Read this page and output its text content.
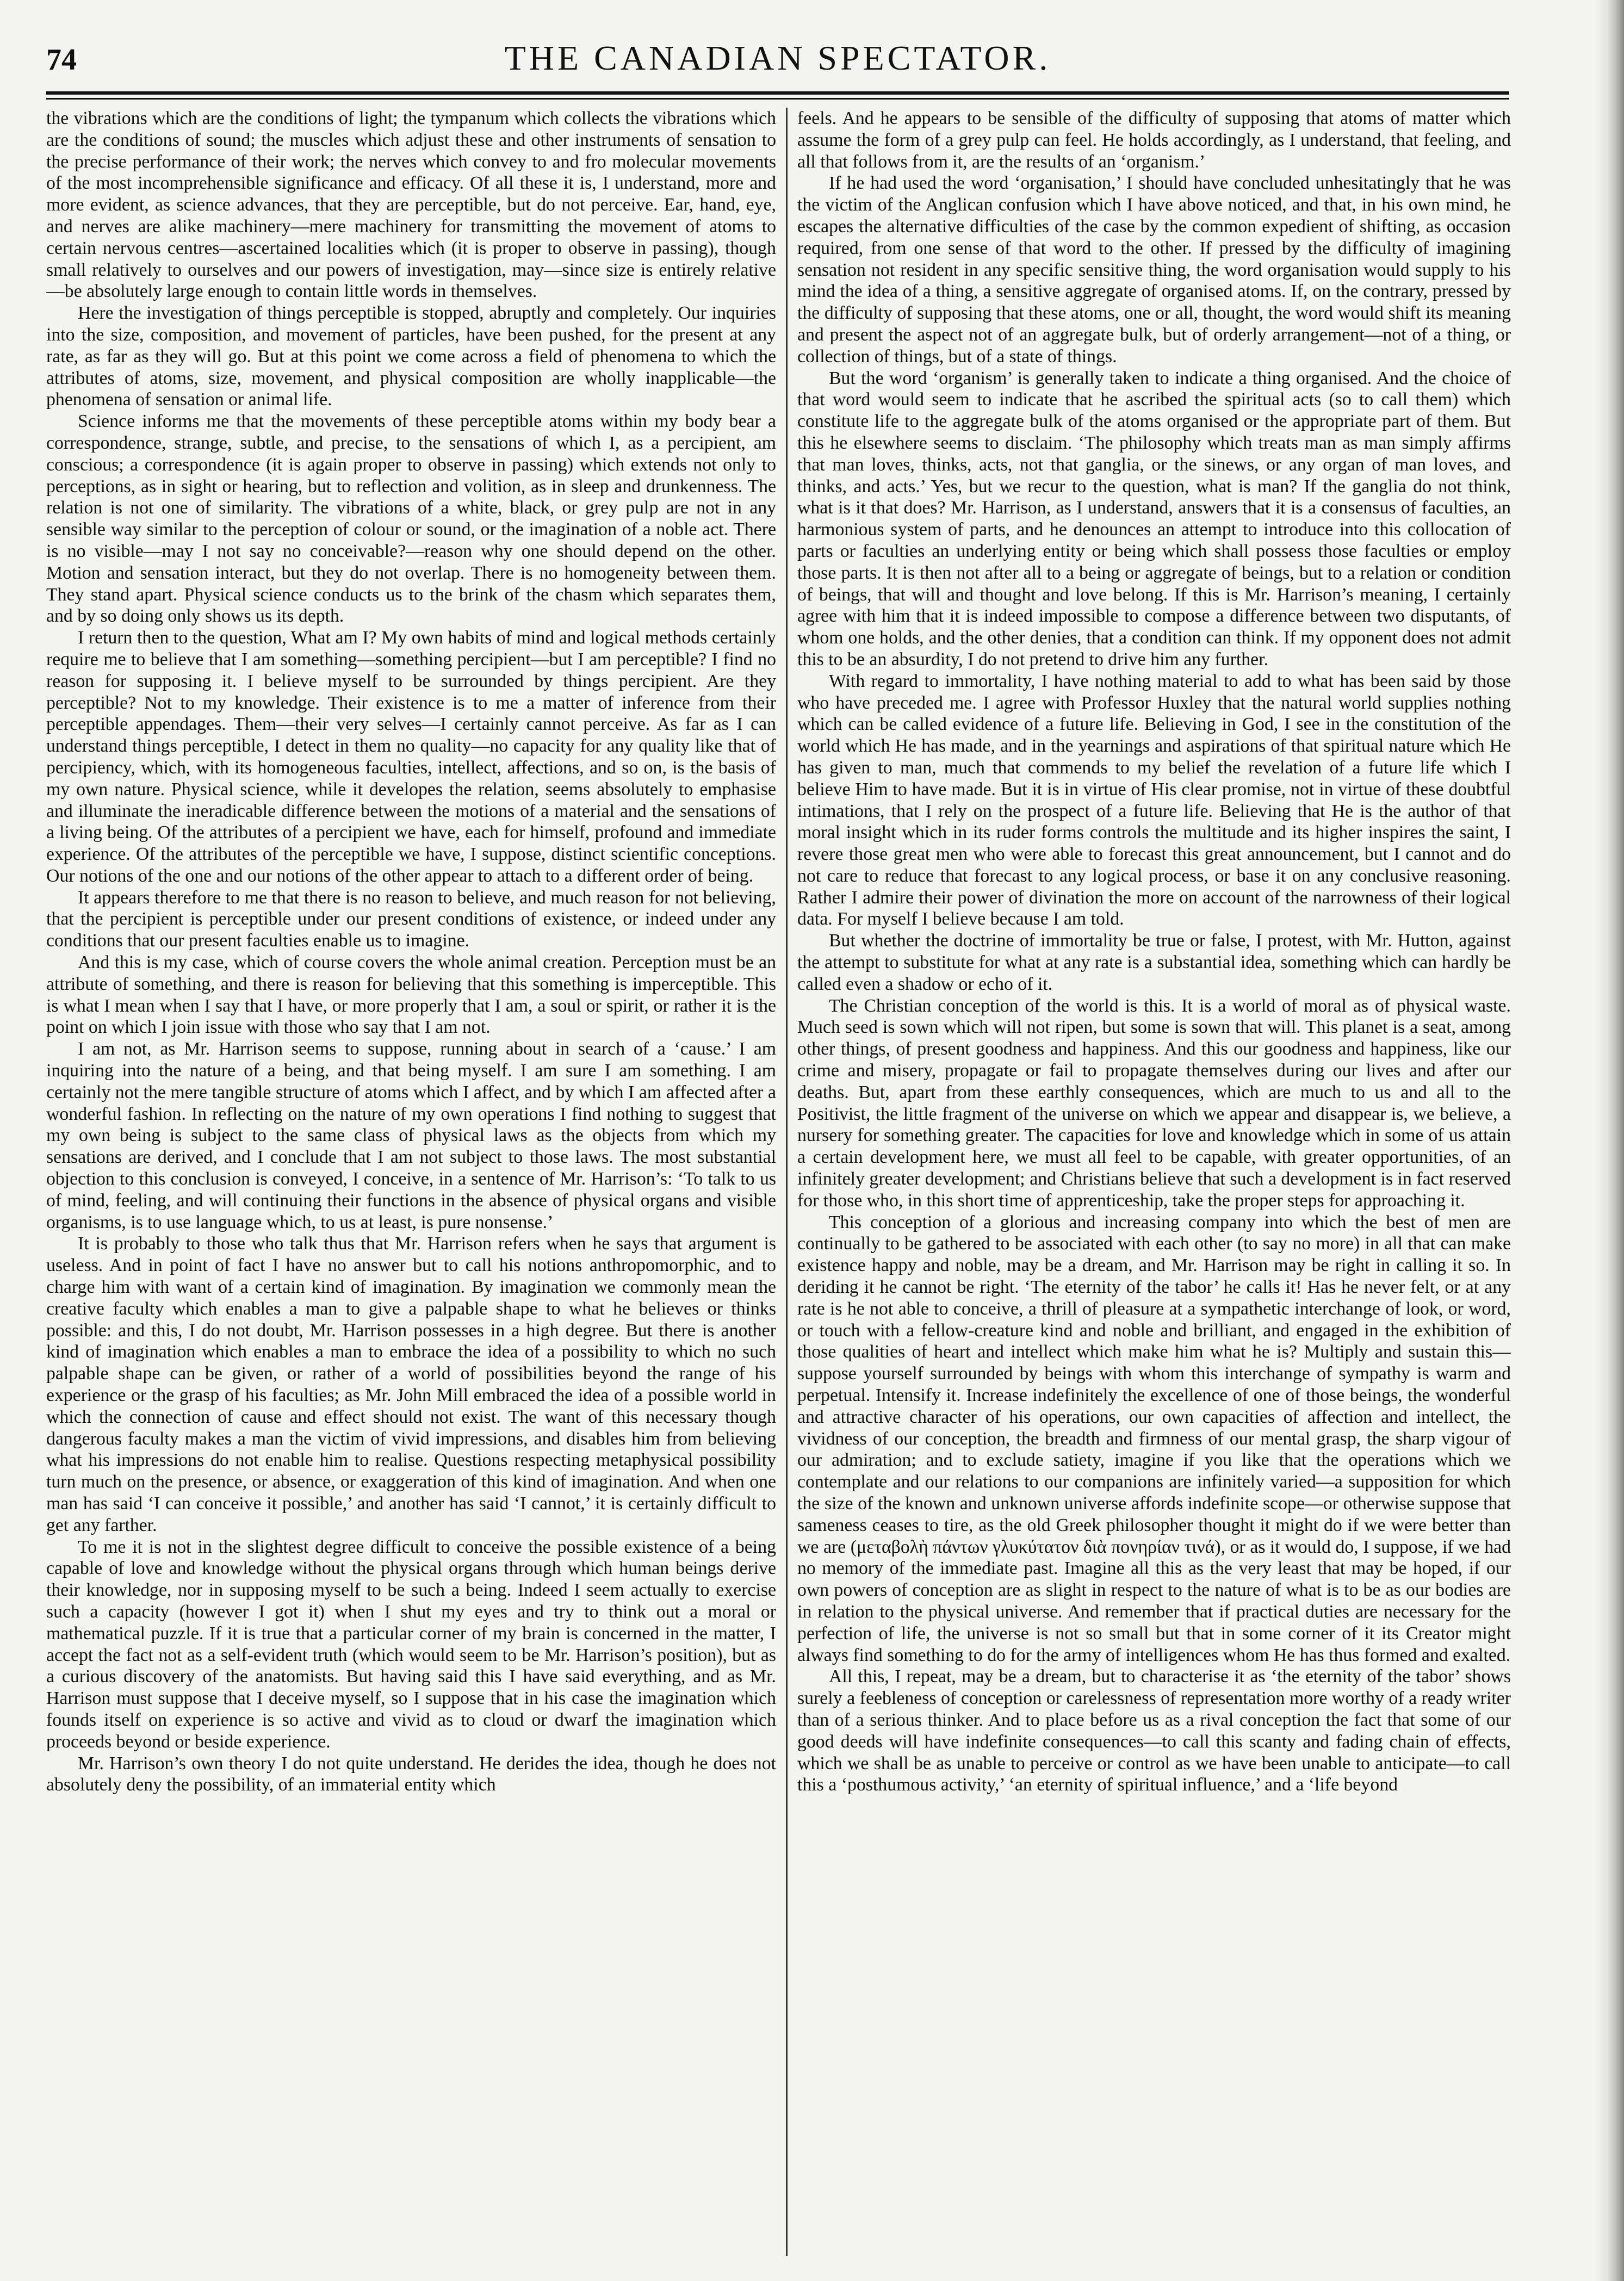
74	THE CANADIAN SPECTATOR.

the vibrations which are the conditions of light; the tympanum which collects the vibrations which are the conditions of sound; the muscles which adjust these and other instruments of sensation to the precise performance of their work; the nerves which convey to and fro molecular movements of the most incomprehensible significance and efficacy. Of all these it is, I understand, more and more evident, as science advances, that they are perceptible, but do not perceive. Ear, hand, eye, and nerves are alike machinery—mere machinery for transmitting the movement of atoms to certain nervous centres—ascertained localities which (it is proper to observe in passing), though small relatively to ourselves and our powers of investigation, may—since size is entirely relative—be absolutely large enough to contain little words in themselves.

Here the investigation of things perceptible is stopped, abruptly and completely. Our inquiries into the size, composition, and movement of particles, have been pushed, for the present at any rate, as far as they will go. But at this point we come across a field of phenomena to which the attributes of atoms, size, movement, and physical composition are wholly inapplicable—the phenomena of sensation or animal life.

Science informs me that the movements of these perceptible atoms within my body bear a correspondence, strange, subtle, and precise, to the sensations of which I, as a percipient, am conscious; a correspondence (it is again proper to observe in passing) which extends not only to perceptions, as in sight or hearing, but to reflection and volition, as in sleep and drunkenness. The relation is not one of similarity. The vibrations of a white, black, or grey pulp are not in any sensible way similar to the perception of colour or sound, or the imagination of a noble act. There is no visible—may I not say no conceivable?—reason why one should depend on the other. Motion and sensation interact, but they do not overlap. There is no homogeneity between them. They stand apart. Physical science conducts us to the brink of the chasm which separates them, and by so doing only shows us its depth.

I return then to the question, What am I? My own habits of mind and logical methods certainly require me to believe that I am something—something percipient—but I am perceptible? I find no reason for supposing it. I believe myself to be surrounded by things percipient. Are they perceptible? Not to my knowledge. Their existence is to me a matter of inference from their perceptible appendages. Them—their very selves—I certainly cannot perceive. As far as I can understand things perceptible, I detect in them no quality—no capacity for any quality like that of percipiency, which, with its homogeneous faculties, intellect, affections, and so on, is the basis of my own nature. Physical science, while it developes the relation, seems absolutely to emphasise and illuminate the ineradicable difference between the motions of a material and the sensations of a living being. Of the attributes of a percipient we have, each for himself, profound and immediate experience. Of the attributes of the perceptible we have, I suppose, distinct scientific conceptions. Our notions of the one and our notions of the other appear to attach to a different order of being.

It appears therefore to me that there is no reason to believe, and much reason for not believing, that the percipient is perceptible under our present conditions of existence, or indeed under any conditions that our present faculties enable us to imagine.

And this is my case, which of course covers the whole animal creation. Perception must be an attribute of something, and there is reason for believing that this something is imperceptible. This is what I mean when I say that I have, or more properly that I am, a soul or spirit, or rather it is the point on which I join issue with those who say that I am not.

I am not, as Mr. Harrison seems to suppose, running about in search of a ‘cause.’ I am inquiring into the nature of a being, and that being myself. I am sure I am something. I am certainly not the mere tangible structure of atoms which I affect, and by which I am affected after a wonderful fashion. In reflecting on the nature of my own operations I find nothing to suggest that my own being is subject to the same class of physical laws as the objects from which my sensations are derived, and I conclude that I am not subject to those laws. The most substantial objection to this conclusion is conveyed, I conceive, in a sentence of Mr. Harrison’s: ‘To talk to us of mind, feeling, and will continuing their functions in the absence of physical organs and visible organisms, is to use language which, to us at least, is pure nonsense.’

It is probably to those who talk thus that Mr. Harrison refers when he says that argument is useless. And in point of fact I have no answer but to call his notions anthropomorphic, and to charge him with want of a certain kind of imagination. By imagination we commonly mean the creative faculty which enables a man to give a palpable shape to what he believes or thinks possible: and this, I do not doubt, Mr. Harrison possesses in a high degree. But there is another kind of imagination which enables a man to embrace the idea of a possibility to which no such palpable shape can be given, or rather of a world of possibilities beyond the range of his experience or the grasp of his faculties; as Mr. John Mill embraced the idea of a possible world in which the connection of cause and effect should not exist. The want of this necessary though dangerous faculty makes a man the victim of vivid impressions, and disables him from believing what his impressions do not enable him to realise. Questions respecting metaphysical possibility turn much on the presence, or absence, or exaggeration of this kind of imagination. And when one man has said ‘I can conceive it possible,’ and another has said ‘I cannot,’ it is certainly difficult to get any farther.

To me it is not in the slightest degree difficult to conceive the possible existence of a being capable of love and knowledge without the physical organs through which human beings derive their knowledge, nor in supposing myself to be such a being. Indeed I seem actually to exercise such a capacity (however I got it) when I shut my eyes and try to think out a moral or mathematical puzzle. If it is true that a particular corner of my brain is concerned in the matter, I accept the fact not as a self-evident truth (which would seem to be Mr. Harrison’s position), but as a curious discovery of the anatomists. But having said this I have said everything, and as Mr. Harrison must suppose that I deceive myself, so I suppose that in his case the imagination which founds itself on experience is so active and vivid as to cloud or dwarf the imagination which proceeds beyond or beside experience.

Mr. Harrison’s own theory I do not quite understand. He derides the idea, though he does not absolutely deny the possibility, of an immaterial entity which

feels. And he appears to be sensible of the difficulty of supposing that atoms of matter which assume the form of a grey pulp can feel. He holds accordingly, as I understand, that feeling, and all that follows from it, are the results of an ‘organism.’

If he had used the word ‘organisation,’ I should have concluded unhesitatingly that he was the victim of the Anglican confusion which I have above noticed, and that, in his own mind, he escapes the alternative difficulties of the case by the common expedient of shifting, as occasion required, from one sense of that word to the other. If pressed by the difficulty of imagining sensation not resident in any specific sensitive thing, the word organisation would supply to his mind the idea of a thing, a sensitive aggregate of organised atoms. If, on the contrary, pressed by the difficulty of supposing that these atoms, one or all, thought, the word would shift its meaning and present the aspect not of an aggregate bulk, but of orderly arrangement—not of a thing, or collection of things, but of a state of things.

But the word ‘organism’ is generally taken to indicate a thing organised. And the choice of that word would seem to indicate that he ascribed the spiritual acts (so to call them) which constitute life to the aggregate bulk of the atoms organised or the appropriate part of them. But this he elsewhere seems to disclaim. ‘The philosophy which treats man as man simply affirms that man loves, thinks, acts, not that ganglia, or the sinews, or any organ of man loves, and thinks, and acts.’ Yes, but we recur to the question, what is man? If the ganglia do not think, what is it that does? Mr. Harrison, as I understand, answers that it is a consensus of faculties, an harmonious system of parts, and he denounces an attempt to introduce into this collocation of parts or faculties an underlying entity or being which shall possess those faculties or employ those parts. It is then not after all to a being or aggregate of beings, but to a relation or condition of beings, that will and thought and love belong. If this is Mr. Harrison’s meaning, I certainly agree with him that it is indeed impossible to compose a difference between two disputants, of whom one holds, and the other denies, that a condition can think. If my opponent does not admit this to be an absurdity, I do not pretend to drive him any further.

With regard to immortality, I have nothing material to add to what has been said by those who have preceded me. I agree with Professor Huxley that the natural world supplies nothing which can be called evidence of a future life. Believing in God, I see in the constitution of the world which He has made, and in the yearnings and aspirations of that spiritual nature which He has given to man, much that commends to my belief the revelation of a future life which I believe Him to have made. But it is in virtue of His clear promise, not in virtue of these doubtful intimations, that I rely on the prospect of a future life. Believing that He is the author of that moral insight which in its ruder forms controls the multitude and its higher inspires the saint, I revere those great men who were able to forecast this great announcement, but I cannot and do not care to reduce that forecast to any logical process, or base it on any conclusive reasoning. Rather I admire their power of divination the more on account of the narrowness of their logical data. For myself I believe because I am told.

But whether the doctrine of immortality be true or false, I protest, with Mr. Hutton, against the attempt to substitute for what at any rate is a substantial idea, something which can hardly be called even a shadow or echo of it.

The Christian conception of the world is this. It is a world of moral as of physical waste. Much seed is sown which will not ripen, but some is sown that will. This planet is a seat, among other things, of present goodness and happiness. And this our goodness and happiness, like our crime and misery, propagate or fail to propagate themselves during our lives and after our deaths. But, apart from these earthly consequences, which are much to us and all to the Positivist, the little fragment of the universe on which we appear and disappear is, we believe, a nursery for something greater. The capacities for love and knowledge which in some of us attain a certain development here, we must all feel to be capable, with greater opportunities, of an infinitely greater development; and Christians believe that such a development is in fact reserved for those who, in this short time of apprenticeship, take the proper steps for approaching it.

This conception of a glorious and increasing company into which the best of men are continually to be gathered to be associated with each other (to say no more) in all that can make existence happy and noble, may be a dream, and Mr. Harrison may be right in calling it so. In deriding it he cannot be right. ‘The eternity of the tabor’ he calls it! Has he never felt, or at any rate is he not able to conceive, a thrill of pleasure at a sympathetic interchange of look, or word, or touch with a fellow-creature kind and noble and brilliant, and engaged in the exhibition of those qualities of heart and intellect which make him what he is? Multiply and sustain this—suppose yourself surrounded by beings with whom this interchange of sympathy is warm and perpetual. Intensify it. Increase indefinitely the excellence of one of those beings, the wonderful and attractive character of his operations, our own capacities of affection and intellect, the vividness of our conception, the breadth and firmness of our mental grasp, the sharp vigour of our admiration; and to exclude satiety, imagine if you like that the operations which we contemplate and our relations to our companions are infinitely varied—a supposition for which the size of the known and unknown universe affords indefinite scope—or otherwise suppose that sameness ceases to tire, as the old Greek philosopher thought it might do if we were better than we are (μεταβολὴ πάντων γλυκύτατον διὰ πονηρίαν τινά), or as it would do, I suppose, if we had no memory of the immediate past. Imagine all this as the very least that may be hoped, if our own powers of conception are as slight in respect to the nature of what is to be as our bodies are in relation to the physical universe. And remember that if practical duties are necessary for the perfection of life, the universe is not so small but that in some corner of it its Creator might always find something to do for the army of intelligences whom He has thus formed and exalted.

All this, I repeat, may be a dream, but to characterise it as ‘the eternity of the tabor’ shows surely a feebleness of conception or carelessness of representation more worthy of a ready writer than of a serious thinker. And to place before us as a rival conception the fact that some of our good deeds will have indefinite consequences—to call this scanty and fading chain of effects, which we shall be as unable to perceive or control as we have been unable to anticipate—to call this a ‘posthumous activity,’ ‘an eternity of spiritual influence,’ and a ‘life beyond
